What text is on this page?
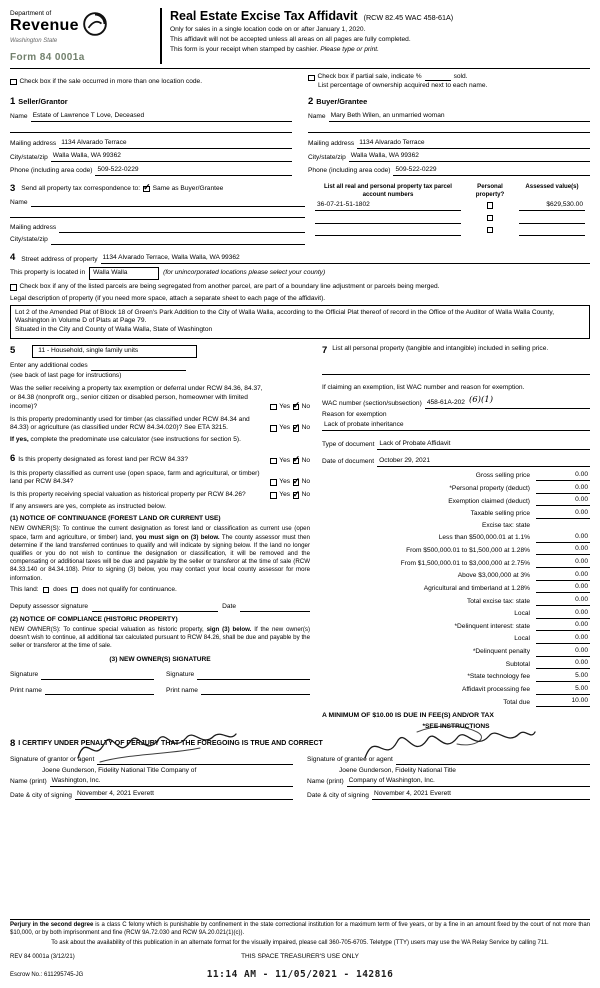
Department of
Revenue
Washington State
Form 84 0001a
Real Estate Excise Tax Affidavit (RCW 82.45 WAC 458-61A)
Only for sales in a single location code on or after January 1, 2020.
This affidavit will not be accepted unless all areas on all pages are fully completed.
This form is your receipt when stamped by cashier. Please type or print.
Check box if the sale occurred in more than one location code.
Check box if partial sale, indicate %	sold.
List percentage of ownership acquired next to each name.
1 Seller/Grantor
Name Estate of Lawrence T Love, Deceased
Mailing address 1134 Alvarado Terrace
City/state/zip Walla Walla, WA 99362
Phone (including area code) 509-522-0229
2 Buyer/Grantee
Name Mary Beth Wilen, an unmarried woman
Mailing address 1134 Alvarado Terrace
City/state/zip Walla Walla, WA 99362
Phone (including area code) 509-522-0229
3 Send all property tax correspondence to: ✓ Same as Buyer/Grantee
Name
Mailing address
City/state/zip
List all real and personal property tax parcel account numbers
Personal property?
Assessed value(s)
36-07-21-51-1802	$629,530.00
4 Street address of property 1134 Alvarado Terrace, Walla Walla, WA 99362
This property is located in	Walla Walla	(for unincorporated locations please select your county)
Check box if any of the listed parcels are being segregated from another parcel, are part of a boundary line adjustment or parcels being merged.
Legal description of property (if you need more space, attach a separate sheet to each page of the affidavit).
Lot 2 of the Amended Plat of Block 18 of Green's Park Addition to the City of Walla Walla, according to the Official Plat thereof of record in the Office of the Auditor of Walla Walla County, Washington in Volume D of Plats at Page 79.
Situated in the City and County of Walla Walla, State of Washington
5	11 - Household, single family units
Enter any additional codes
(see back of last page for instructions)
Was the seller receiving a property tax exemption or deferral under RCW 84.36, 84.37, or 84.38 (nonprofit org., senior citizen or disabled person, homeowner with limited income)?	Yes ✓ No
Is this property predominantly used for timber (as classified under RCW 84.34 and 84.33) or agriculture (as classified under RCW 84.34.020)? See ETA 3215.	Yes ✓ No
If yes, complete the predominate use calculator (see instructions for section 5).
6 Is this property designated as forest land per RCW 84.33?	Yes ✓ No
Is this property classified as current use (open space, farm and agricultural, or timber) land per RCW 84.34?	Yes ✓ No
Is this property receiving special valuation as historical property per RCW 84.26?	Yes ✓ No
If any answers are yes, complete as instructed below.
(1) NOTICE OF CONTINUANCE (FOREST LAND OR CURRENT USE)
NEW OWNER(S): To continue the current designation as forest land or classification as current use (open space, farm and agriculture, or timber) land, you must sign on (3) below. The county assessor must then determine if the land transferred continues to qualify and will indicate by signing below. If the land no longer qualifies or you do not wish to continue the designation or classification, it will be removed and the compensating or additional taxes will be due and payable by the seller or transferor at the time of sale (RCW 84.33.140 or 84.34.108). Prior to signing (3) below, you may contact your local county assessor for more information.
This land: does does not qualify for continuance.
Deputy assessor signature	Date
(2) NOTICE OF COMPLIANCE (HISTORIC PROPERTY)
NEW OWNER(S): To continue special valuation as historic property, sign (3) below. If the new owner(s) doesn't wish to continue, all additional tax calculated pursuant to RCW 84.26, shall be due and payable by the seller or transferor at the time of sale.
(3) NEW OWNER(S) SIGNATURE
Signature	Signature
Print name	Print name
7 List all personal property (tangible and intangible) included in selling price.
If claiming an exemption, list WAC number and reason for exemption.
WAC number (section/subsection) 458-61A-202 (6)(1)
Reason for exemption
Lack of probate inheritance
Type of document Lack of Probate Affidavit
Date of document October 29, 2021
Gross selling price	0.00
*Personal property (deduct)	0.00
Exemption claimed (deduct)	0.00
Taxable selling price	0.00
Excise tax: state
Less than $500,000.01 at 1.1%	0.00
From $500,000.01 to $1,500,000 at 1.28%	0.00
From $1,500,000.01 to $3,000,000 at 2.75%	0.00
Above $3,000,000 at 3%	0.00
Agricultural and timberland at 1.28%	0.00
Total excise tax: state	0.00
Local	0.00
*Delinquent interest: state	0.00
Local	0.00
*Delinquent penalty	0.00
Subtotal	0.00
*State technology fee	5.00
Affidavit processing fee	5.00
Total due	10.00
A MINIMUM OF $10.00 IS DUE IN FEE(S) AND/OR TAX
*SEE INSTRUCTIONS
8 I CERTIFY UNDER PENALTY OF PERJURY THAT THE FOREGOING IS TRUE AND CORRECT
Signature of grantor or agent
Joene Gunderson, Fidelity National Title Company of
Name (print) Washington, Inc.
Date & city of signing November 4, 2021 Everett
Signature of grantee or agent
Joene Gunderson, Fidelity National Title
Name (print) Company of Washington, Inc.
Date & city of signing November 4, 2021 Everett
Perjury in the second degree is a class C felony which is punishable by confinement in the state correctional institution for a maximum term of five years, or by a fine in an amount fixed by the court of not more than $10,000, or by both imprisonment and fine (RCW 9A.72.030 and RCW 9A.20.021(1)(c)).
To ask about the availability of this publication in an alternate format for the visually impaired, please call 360-705-6705. Teletype (TTY) users may use the WA Relay Service by calling 711.
REV 84 0001a (3/12/21)	THIS SPACE TREASURER'S USE ONLY
Escrow No.: 611295745-JG	11:14 AM - 11/05/2021 - 142816
